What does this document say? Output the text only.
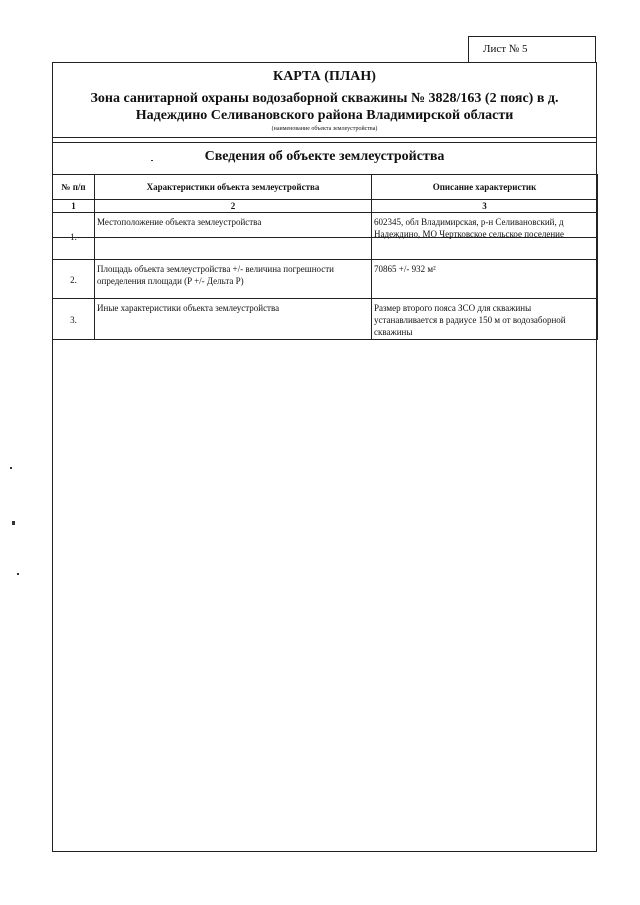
Лист № 5
КАРТА (ПЛАН)
Зона санитарной охраны водозаборной скважины № 3828/163 (2 пояс) в д.
Надеждино Селивановского района Владимирской области
(наименование объекта землеустройства)
Сведения об объекте землеустройства
№ п/п	Характеристики объекта землеустройства	Описание характеристик
1	2	3
1.	Местоположение объекта землеустройства	602345, обл Владимирская, р-н Селивановский, д Надеждино, МО Чертковское сельское поселение
2.	Площадь объекта землеустройства +/- величина погрешности определения площади (P +/- Дельта P)	70865 +/- 932 м²
3.	Иные характеристики объекта землеустройства	Размер второго пояса ЗСО для скважины устанавливается в радиусе 150 м от водозаборной скважины
